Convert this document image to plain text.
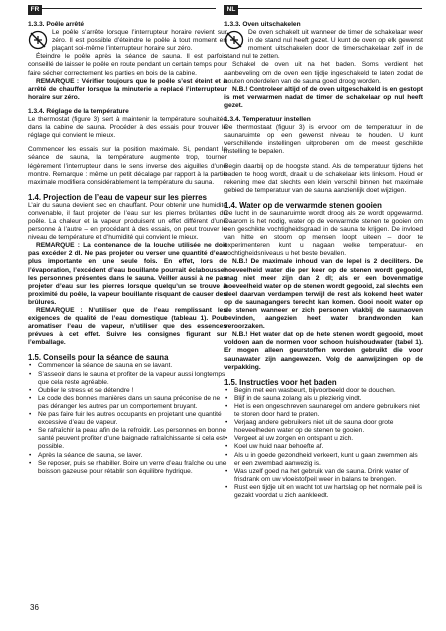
FR	NL

1.3.3. Poêle arrêté

Le poêle s’arrête lorsque l’interrupteur horaire revient sur zéro. Il est possible d’éteindre le poêle à tout moment en plaçant soi-même l’interrupteur horaire sur zéro.

Éteindre le poêle après la séance de sauna. Il est parfois conseillé de laisser le poêle en route pendant un certain temps pour faire sécher correctement les parties en bois de la cabine.

REMARQUE : Vérifier toujours que le poêle s’est éteint et a arrêté de chauffer lorsque la minuterie a replacé l’interrupteur horaire sur zéro.

1.3.4. Réglage de la température

Le thermostat (figure 3) sert à maintenir la température souhaitée dans la cabine de sauna. Procéder à des essais pour trouver le réglage qui convient le mieux.

Commencer les essais sur la position maximale. Si, pendant la séance de sauna, la température augmente trop, tourner légèrement l’interrupteur dans le sens inverse des aiguilles d’une montre. Remarque : même un petit décalage par rapport à la partie maximale modifiera considérablement la température du sauna.

1.4. Projection de l’eau de vapeur sur les pierres

L’air du sauna devient sec en chauffant. Pour obtenir une humidité convenable, il faut projeter de l’eau sur les pierres brûlantes du poêle. La chaleur et la vapeur produisent un effet différent d’une personne à l’autre – en procédant à des essais, on peut trouver le niveau de température et d’humidité qui convient le mieux.

REMARQUE : La contenance de la louche utilisée ne doit pas excéder 2 dl. Ne pas projeter ou verser une quantité d’eau plus importante en une seule fois. En effet, lors de l’évaporation, l’excédent d’eau bouillante pourrait éclabousser les personnes présentes dans le sauna. Veiller aussi à ne pas projeter d’eau sur les pierres lorsque quelqu’un se trouve à proximité du poêle, la vapeur bouillante risquant de causer des brûlures.

REMARQUE : N’utiliser que de l’eau remplissant les exigences de qualité de l’eau domestique (tableau 1). Pour aromatiser l’eau de vapeur, n’utiliser que des essences prévues à cet effet. Suivre les consignes figurant sur l’emballage.

1.5. Conseils pour la séance de sauna

• Commencer la séance de sauna en se lavant.
• S’asseoir dans le sauna et profiter de la vapeur aussi longtemps que cela reste agréable.
• Oublier le stress et se détendre !
• Le code des bonnes manières dans un sauna préconise de ne pas déranger les autres par un comportement bruyant.
• Ne pas faire fuir les autres occupants en projetant une quantité excessive d’eau de vapeur.
• Se rafraîchir la peau afin de la refroidir. Les personnes en bonne santé peuvent profiter d’une baignade rafraîchissante si cela est possible.
• Après la séance de sauna, se laver.
• Se reposer, puis se rhabiller. Boire un verre d’eau fraîche ou une boisson gazeuse pour rétablir son équilibre hydrique.

1.3.3. Oven uitschakelen

De oven schakelt uit wanneer de timer de schakelaar weer in de stand nul heeft gezet. U kunt de oven op elk gewenst moment uitschakelen door de timerschakelaar zelf in de stand nul te zetten.

Schakel de oven uit na het baden. Soms verdient het aanbeveling om de oven een tijdje ingeschakeld te laten zodat de houten onderdelen van de sauna goed droog worden.

N.B.! Controleer altijd of de oven uitgeschakeld is en gestopt is met verwarmen nadat de timer de schakelaar op nul heeft gezet.

1.3.4. Temperatuur instellen

De thermostaat (figuur 3) is ervoor om de temperatuur in de saunaruimte op een gewenst niveau te houden. U kunt verschillende instellingen uitproberen om de meest geschikte instelling te bepalen.

Begin daarbij op de hoogste stand. Als de temperatuur tijdens het baden te hoog wordt, draait u de schakelaar iets linksom. Houd er rekening mee dat slechts een klein verschil binnen het maximale gebied de temperatuur van de sauna aanzienlijk doet wijzigen.

1.4. Water op de verwarmde stenen gooien

De lucht in de saunaruimte wordt droog als ze wordt opgewarmd. Daarom is het nodig, water op de verwarmde stenen te gooien om een geschikte vochtigheidsgraad in de sauna te krijgen. De invloed van hitte en stoom op mensen loopt uiteen – door te experimenteren kunt u nagaan welke temperatuur- en vochtigheidsniveaus u het beste bevallen.

N.B.! De maximale inhoud van de lepel is 2 deciliters. De hoeveelheid water die per keer op de stenen wordt gegooid, mag niet meer zijn dan 2 dl; als er een bovenmatige hoeveelheid water op de stenen wordt gegooid, zal slechts een deel daarvan verdampen terwijl de rest als kokend heet water op de saunagangers terecht kan komen. Gooi nooit water op de stenen wanneer er zich personen vlakbij de saunaoven bevinden, aangezien heet water brandwonden kan veroorzaken.

N.B.! Het water dat op de hete stenen wordt gegooid, moet voldoen aan de normen voor schoon huishoudwater (tabel 1). Er mogen alleen geurstoffen worden gebruikt die voor saunawater zijn aangewezen. Volg de aanwijzingen op de verpakking.

1.5. Instructies voor het baden

• Begin met een wasbeurt, bijvoorbeeld door te douchen.
• Blijf in de sauna zolang als u plezierig vindt.
• Het is een ongeschreven saunaregel om andere gebruikers niet te storen door hard te praten.
• Verjaag andere gebruikers niet uit de sauna door grote hoeveelheden water op de stenen te gooien.
• Vergeet al uw zorgen en ontspant u zich.
• Koel uw huid naar behoefte af.
• Als u in goede gezondheid verkeert, kunt u gaan zwemmen als er een zwembad aanwezig is.
• Was uzelf goed na het gebruik van de sauna. Drink water of frisdrank om uw vloeistofpeil weer in balans te brengen.
• Rust een tijdje uit en wacht tot uw hartslag op het normale peil is gezakt voordat u zich aankleedt.
36
